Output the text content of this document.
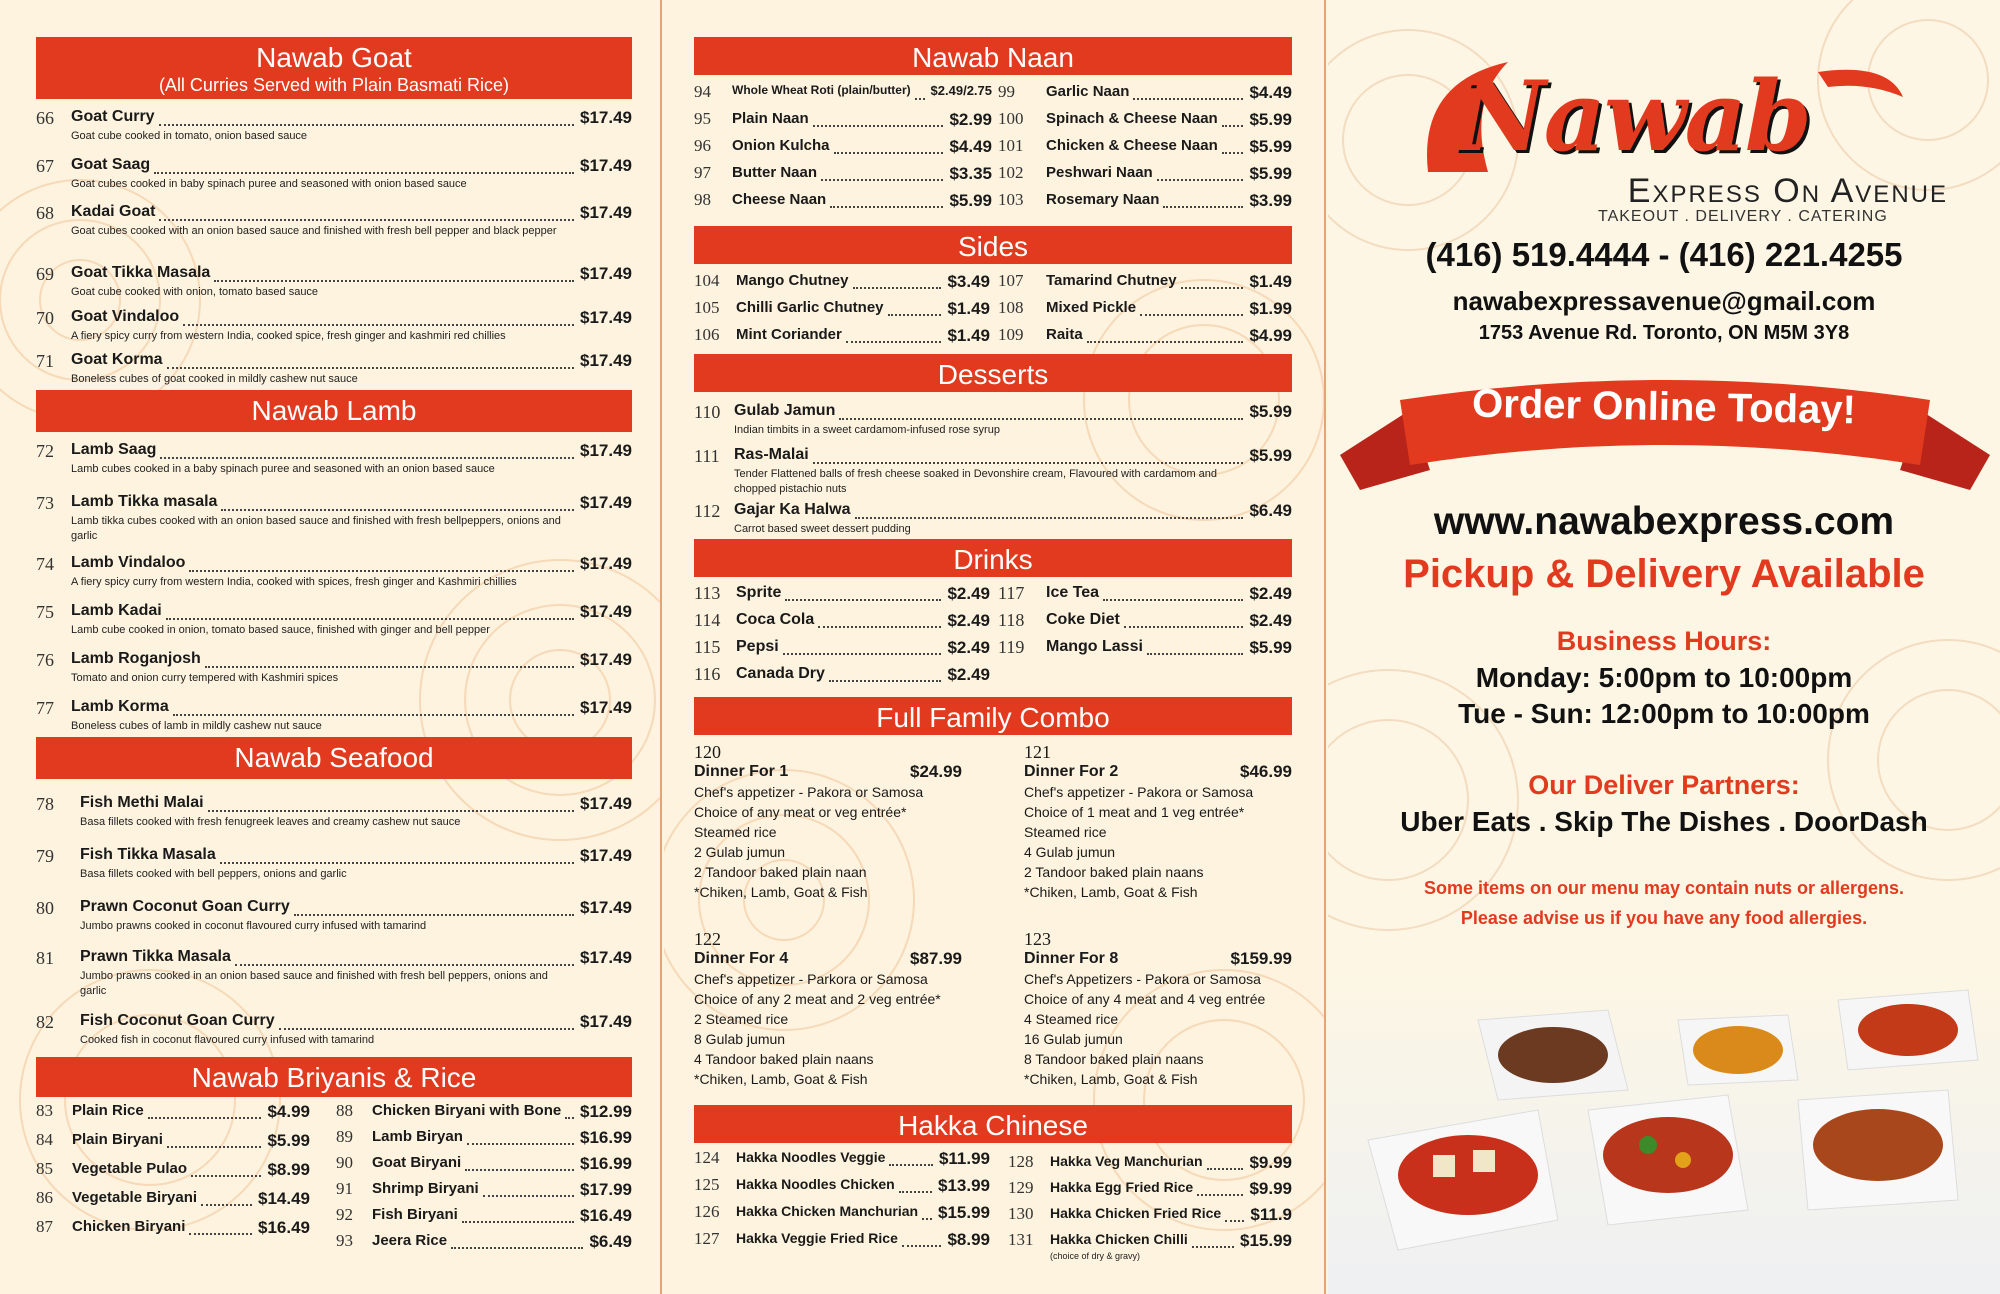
Nawab Goat
(All Curries Served with Plain Basmati Rice)
66 Goat Curry	$17.49
Goat cube cooked in tomato, onion based sauce
67 Goat Saag	$17.49
Goat cubes cooked in baby spinach puree and seasoned with onion based sauce
68 Kadai Goat	$17.49
Goat cubes cooked with an onion based sauce and finished with fresh bell pepper and black pepper
69 Goat Tikka Masala	$17.49
Goat cube cooked with onion, tomato based sauce
70 Goat Vindaloo	$17.49
A fiery spicy curry from western India, cooked spice, fresh ginger and kashmiri red chillies
71 Goat Korma	$17.49
Boneless cubes of goat cooked in mildly cashew nut sauce
Nawab Lamb
72 Lamb Saag	$17.49
Lamb cubes cooked in a baby spinach puree and seasoned with an onion based sauce
73 Lamb Tikka masala	$17.49
Lamb tikka cubes cooked with an onion based sauce and finished with fresh bellpeppers, onions and garlic
74 Lamb Vindaloo	$17.49
A fiery spicy curry from western India, cooked with spices, fresh ginger and Kashmiri chillies
75 Lamb Kadai	$17.49
Lamb cube cooked in onion, tomato based sauce, finished with ginger and bell pepper
76 Lamb Roganjosh	$17.49
Tomato and onion curry tempered with Kashmiri spices
77 Lamb Korma	$17.49
Boneless cubes of lamb in mildly cashew nut sauce
Nawab Seafood
78 Fish Methi Malai	$17.49
Basa fillets cooked with fresh fenugreek leaves and creamy cashew nut sauce
79 Fish Tikka Masala	$17.49
Basa fillets cooked with bell peppers, onions and garlic
80 Prawn Coconut Goan Curry	$17.49
Jumbo prawns cooked in coconut flavoured curry infused with tamarind
81 Prawn Tikka Masala	$17.49
Jumbo prawns cooked in an onion based sauce and finished with fresh bell peppers, onions and garlic
82 Fish Coconut Goan Curry	$17.49
Cooked fish in coconut flavoured curry infused with tamarind
Nawab Briyanis & Rice
83 Plain Rice	$4.99
84 Plain Biryani	$5.99
85 Vegetable Pulao	$8.99
86 Vegetable Biryani	$14.49
87 Chicken Biryani	$16.49
88 Chicken Biryani with Bone $12.99
89 Lamb Biryan	$16.99
90 Goat Biryani	$16.99
91 Shrimp Biryani	$17.99
92 Fish Biryani	$16.49
93 Jeera Rice	$6.49
Nawab Naan
94 Whole Wheat Roti (plain/butter) $2.49/2.75
95 Plain Naan	$2.99
96 Onion Kulcha	$4.49
97 Butter Naan	$3.35
98 Cheese Naan	$5.99
99 Garlic Naan	$4.49
100 Spinach & Cheese Naan $5.99
101 Chicken & Cheese Naan $5.99
102 Peshwari Naan	$5.99
103 Rosemary Naan	$3.99
Sides
104 Mango Chutney	$3.49
105 Chilli Garlic Chutney	$1.49
106 Mint Coriander	$1.49
107 Tamarind Chutney	$1.49
108 Mixed Pickle	$1.99
109 Raita	$4.99
Desserts
110 Gulab Jamun	$5.99
Indian timbits in a sweet cardamom-infused rose syrup
111 Ras-Malai	$5.99
Tender Flattened balls of fresh cheese soaked in Devonshire cream, Flavoured with cardamom and chopped pistachio nuts
112 Gajar Ka Halwa	$6.49
Carrot based sweet dessert pudding
Drinks
113 Sprite	$2.49
114 Coca Cola	$2.49
115 Pepsi	$2.49
116 Canada Dry	$2.49
117 Ice Tea	$2.49
118 Coke Diet	$2.49
119 Mango Lassi	$5.99
Full Family Combo
120
Dinner For 1	$24.99
Chef's appetizer - Pakora or Samosa
Choice of any meat or veg entrée*
Steamed rice
2 Gulab jumun
2 Tandoor baked plain naan
*Chiken, Lamb, Goat & Fish
121
Dinner For 2	$46.99
Chef's appetizer - Pakora or Samosa
Choice of 1 meat and 1 veg entrée*
Steamed rice
4 Gulab jumun
2 Tandoor baked plain naans
*Chiken, Lamb, Goat & Fish
122
Dinner For 4	$87.99
Chef's appetizer - Parkora or Samosa
Choice of any 2 meat and 2 veg entrée*
2 Steamed rice
8 Gulab jumun
4 Tandoor baked plain naans
*Chiken, Lamb, Goat & Fish
123
Dinner For 8	$159.99
Chef's Appetizers - Pakora or Samosa
Choice of any 4 meat and 4 veg entrée
4 Steamed rice
16 Gulab jumun
8 Tandoor baked plain naans
*Chiken, Lamb, Goat & Fish
Hakka Chinese
124 Hakka Noodles Veggie	$11.99
125 Hakka Noodles Chicken	$13.99
126 Hakka Chicken Manchurian $15.99
127 Hakka Veggie Fried Rice	$8.99
128 Hakka Veg Manchurian	$9.99
129 Hakka Egg Fried Rice	$9.99
130 Hakka Chicken Fried Rice $11.9
131 Hakka Chicken Chilli	$15.99
(choice of dry & gravy)
Nawab
Express On Avenue
TAKEOUT . DELIVERY . CATERING
(416) 519.4444 - (416) 221.4255
nawabexpressavenue@gmail.com
1753 Avenue Rd. Toronto, ON M5M 3Y8
Order Online Today!
www.nawabexpress.com
Pickup & Delivery Available
Business Hours:
Monday: 5:00pm to 10:00pm
Tue - Sun: 12:00pm to 10:00pm
Our Deliver Partners:
Uber Eats . Skip The Dishes . DoorDash
Some items on our menu may contain nuts or allergens.
Please advise us if you have any food allergies.
